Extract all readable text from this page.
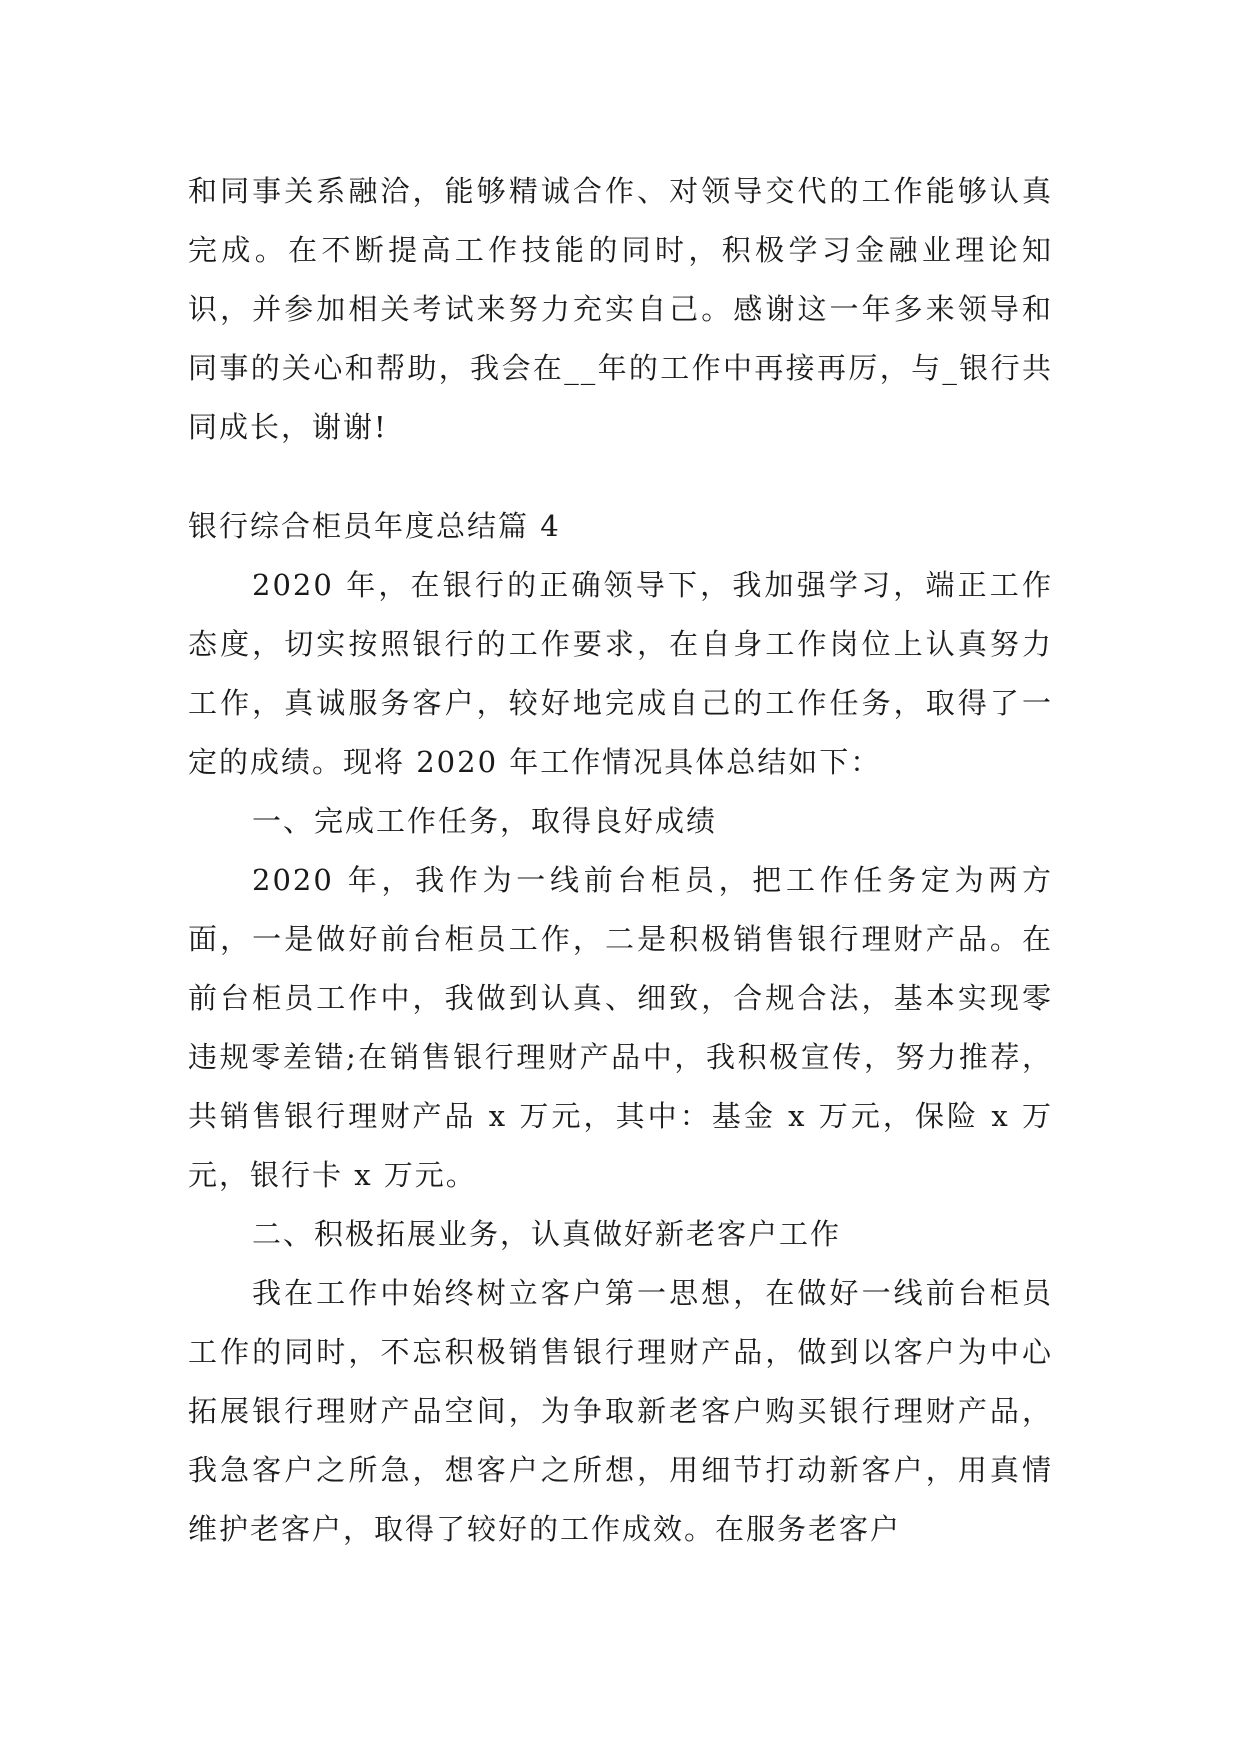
和同事关系融洽，能够精诚合作、对领导交代的工作能够认真完成。在不断提高工作技能的同时，积极学习金融业理论知识，并参加相关考试来努力充实自己。感谢这一年多来领导和同事的关心和帮助，我会在__年的工作中再接再厉，与_银行共同成长，谢谢!

银行综合柜员年度总结篇 4

2020 年，在银行的正确领导下，我加强学习，端正工作态度，切实按照银行的工作要求，在自身工作岗位上认真努力工作，真诚服务客户，较好地完成自己的工作任务，取得了一定的成绩。现将 2020 年工作情况具体总结如下：

一、完成工作任务，取得良好成绩

2020 年，我作为一线前台柜员，把工作任务定为两方面，一是做好前台柜员工作，二是积极销售银行理财产品。在前台柜员工作中，我做到认真、细致，合规合法，基本实现零违规零差错;在销售银行理财产品中，我积极宣传，努力推荐，共销售银行理财产品 x 万元，其中：基金 x 万元，保险 x 万元，银行卡 x 万元。

二、积极拓展业务，认真做好新老客户工作

我在工作中始终树立客户第一思想，在做好一线前台柜员工作的同时，不忘积极销售银行理财产品，做到以客户为中心拓展银行理财产品空间，为争取新老客户购买银行理财产品，我急客户之所急，想客户之所想，用细节打动新客户，用真情维护老客户，取得了较好的工作成效。在服务老客户
